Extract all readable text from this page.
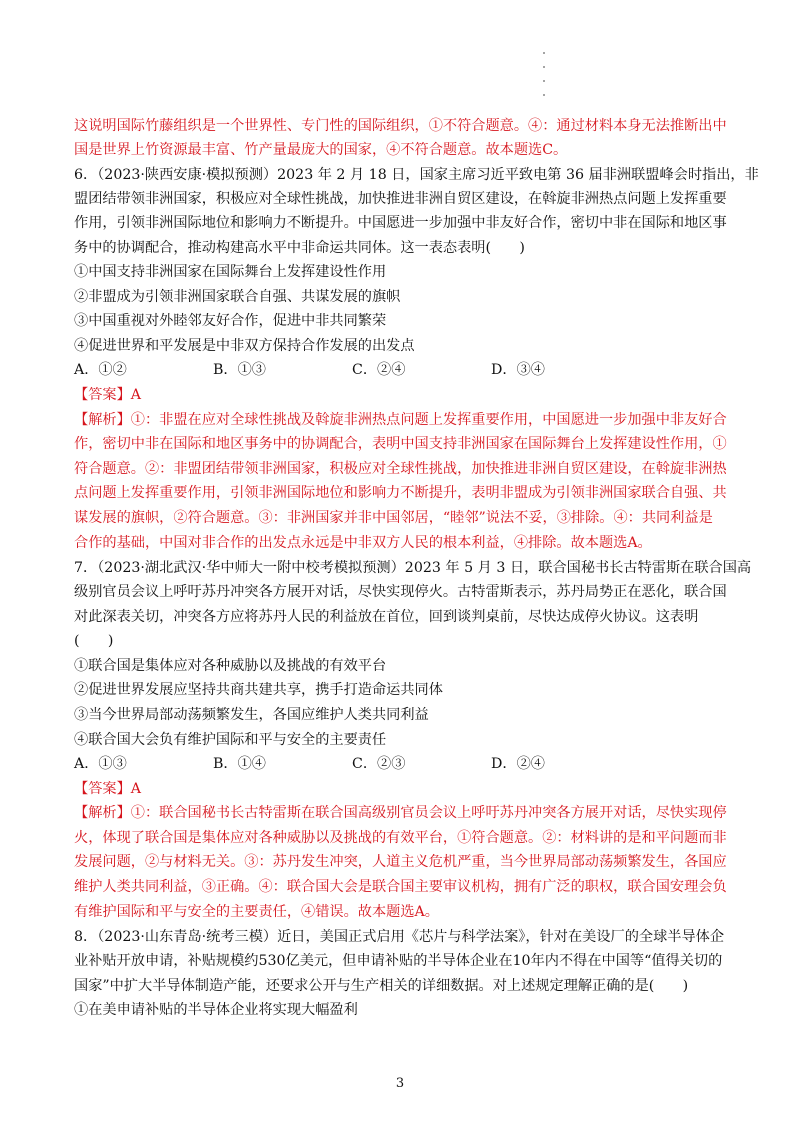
这说明国际竹藤组织是一个世界性、专门性的国际组织，①不符合题意。④：通过材料本身无法推断出中
国是世界上竹资源最丰富、竹产量最庞大的国家，④不符合题意。故本题选C。
6．（2023·陕西安康·模拟预测）2023 年 2 月 18 日，国家主席习近平致电第 36 届非洲联盟峰会时指出，非
盟团结带领非洲国家，积极应对全球性挑战，加快推进非洲自贸区建设，在斡旋非洲热点问题上发挥重要
作用，引领非洲国际地位和影响力不断提升。中国愿进一步加强中非友好合作，密切中非在国际和地区事
务中的协调配合，推动构建高水平中非命运共同体。这一表态表明(　　)
①中国支持非洲国家在国际舞台上发挥建设性作用
②非盟成为引领非洲国家联合自强、共谋发展的旗帜
③中国重视对外睦邻友好合作，促进中非共同繁荣
④促进世界和平发展是中非双方保持合作发展的出发点
A．①②	B．①③	C．②④	D．③④
【答案】A
【解析】①：非盟在应对全球性挑战及斡旋非洲热点问题上发挥重要作用，中国愿进一步加强中非友好合
作，密切中非在国际和地区事务中的协调配合，表明中国支持非洲国家在国际舞台上发挥建设性作用，①
符合题意。②：非盟团结带领非洲国家，积极应对全球性挑战，加快推进非洲自贸区建设，在斡旋非洲热
点问题上发挥重要作用，引领非洲国际地位和影响力不断提升，表明非盟成为引领非洲国家联合自强、共
谋发展的旗帜，②符合题意。③：非洲国家并非中国邻居，“睦邻”说法不妥，③排除。④：共同利益是
合作的基础，中国对非合作的出发点永远是中非双方人民的根本利益，④排除。故本题选A。
7．（2023·湖北武汉·华中师大一附中校考模拟预测）2023 年 5 月 3 日，联合国秘书长古特雷斯在联合国高
级别官员会议上呼吁苏丹冲突各方展开对话，尽快实现停火。古特雷斯表示，苏丹局势正在恶化，联合国
对此深表关切，冲突各方应将苏丹人民的利益放在首位，回到谈判桌前，尽快达成停火协议。这表明
(　　)
①联合国是集体应对各种威胁以及挑战的有效平台
②促进世界发展应坚持共商共建共享，携手打造命运共同体
③当今世界局部动荡频繁发生，各国应维护人类共同利益
④联合国大会负有维护国际和平与安全的主要责任
A．①③	B．①④	C．②③	D．②④
【答案】A
【解析】①：联合国秘书长古特雷斯在联合国高级别官员会议上呼吁苏丹冲突各方展开对话，尽快实现停
火，体现了联合国是集体应对各种威胁以及挑战的有效平台，①符合题意。②：材料讲的是和平问题而非
发展问题，②与材料无关。③：苏丹发生冲突，人道主义危机严重，当今世界局部动荡频繁发生，各国应
维护人类共同利益，③正确。④：联合国大会是联合国主要审议机构，拥有广泛的职权，联合国安理会负
有维护国际和平与安全的主要责任，④错误。故本题选A。
8．（2023·山东青岛·统考三模）近日，美国正式启用《芯片与科学法案》，针对在美设厂的全球半导体企
业补贴开放申请，补贴规模约530亿美元，但申请补贴的半导体企业在10年内不得在中国等“值得关切的
国家”中扩大半导体制造产能，还要求公开与生产相关的详细数据。对上述规定理解正确的是(　　)
①在美申请补贴的半导体企业将实现大幅盈利
3
